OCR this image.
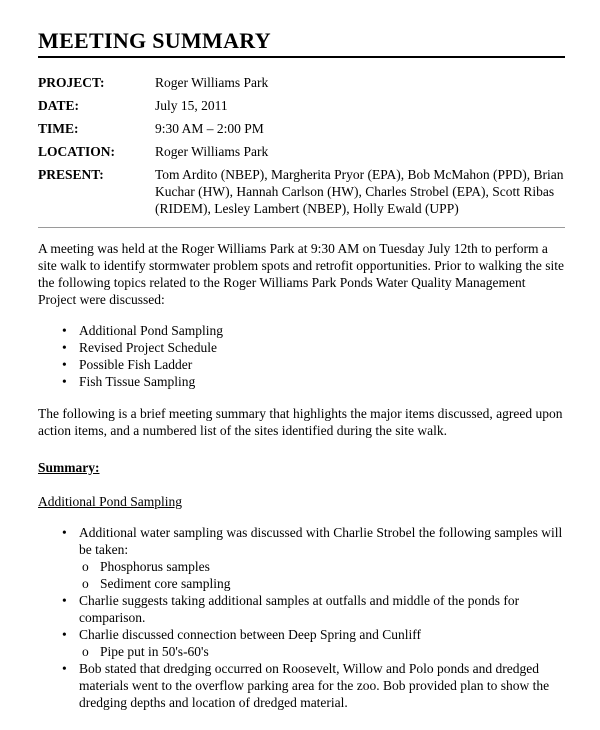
MEETING SUMMARY
PROJECT:	Roger Williams Park
DATE:	July 15, 2011
TIME:	9:30 AM – 2:00 PM
LOCATION:	Roger Williams Park
PRESENT:	Tom Ardito (NBEP), Margherita Pryor (EPA), Bob McMahon (PPD), Brian Kuchar (HW), Hannah Carlson (HW), Charles Strobel (EPA), Scott Ribas (RIDEM), Lesley Lambert (NBEP), Holly Ewald (UPP)

A meeting was held at the Roger Williams Park at 9:30 AM on Tuesday July 12th to perform a site walk to identify stormwater problem spots and retrofit opportunities. Prior to walking the site the following topics related to the Roger Williams Park Ponds Water Quality Management Project were discussed:

• Additional Pond Sampling
• Revised Project Schedule
• Possible Fish Ladder
• Fish Tissue Sampling

The following is a brief meeting summary that highlights the major items discussed, agreed upon action items, and a numbered list of the sites identified during the site walk.

Summary:
Additional Pond Sampling
• Additional water sampling was discussed with Charlie Strobel the following samples will be taken:
o Phosphorus samples
o Sediment core sampling
• Charlie suggests taking additional samples at outfalls and middle of the ponds for comparison.
• Charlie discussed connection between Deep Spring and Cunliff
o Pipe put in 50's-60's
• Bob stated that dredging occurred on Roosevelt, Willow and Polo ponds and dredged materials went to the overflow parking area for the zoo. Bob provided plan to show the dredging depths and location of dredged material.
